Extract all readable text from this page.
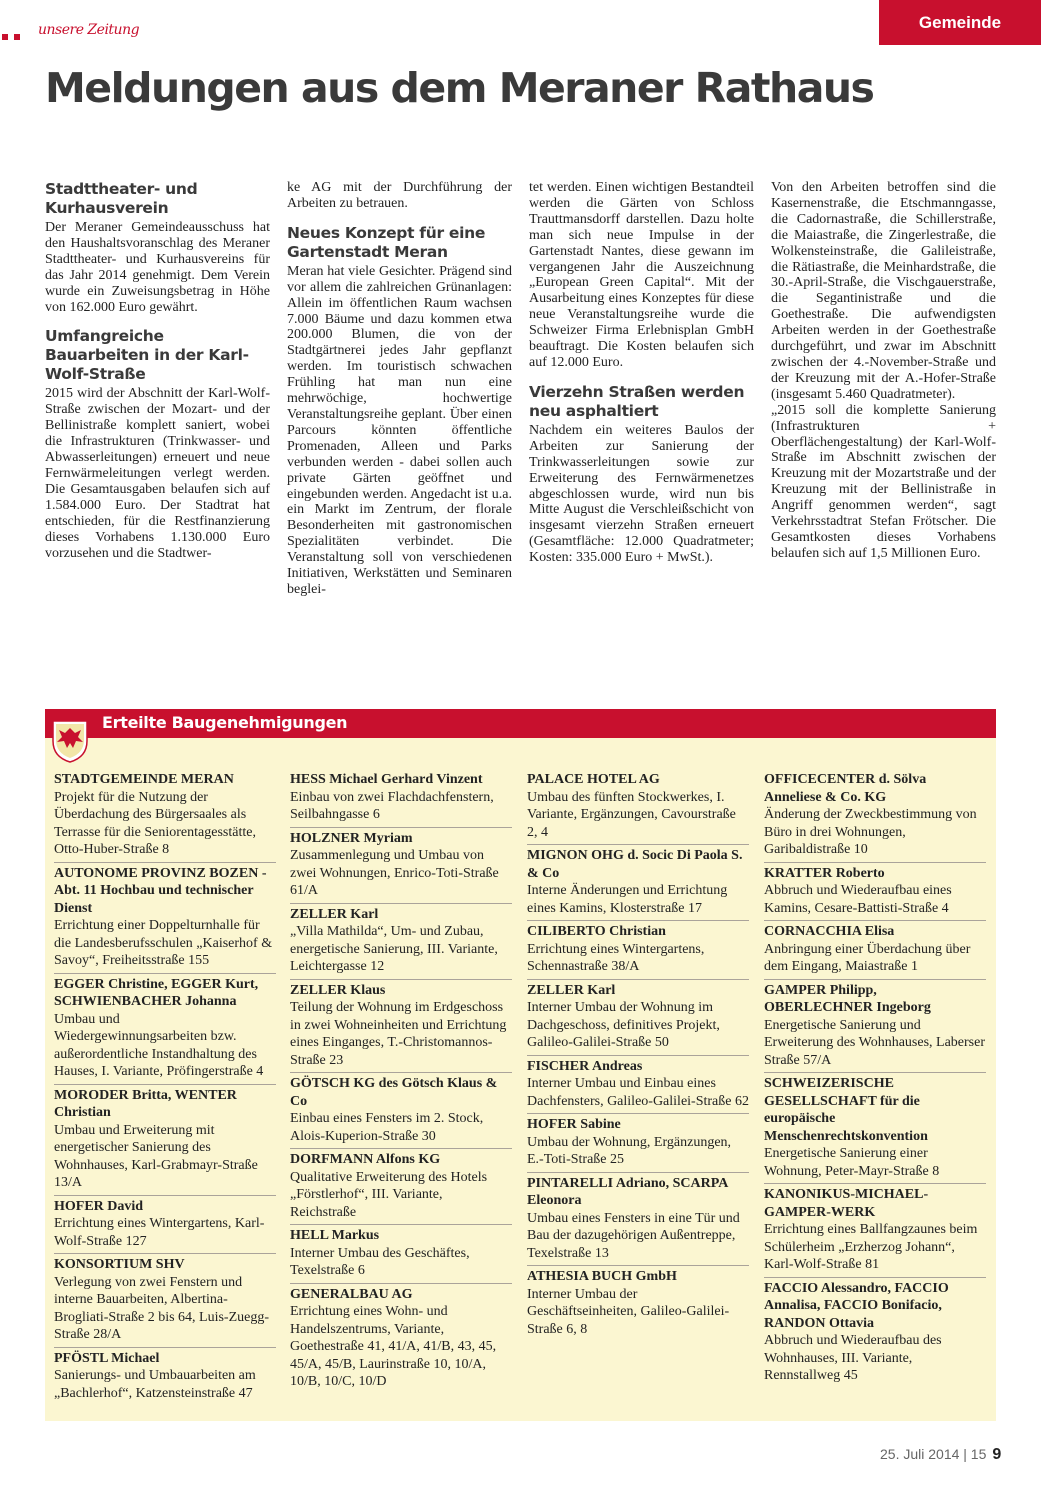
unsere Zeitung	Gemeinde
Meldungen aus dem Meraner Rathaus
Stadttheater- und Kurhausverein

Der Meraner Gemeindeausschuss hat den Haushaltsvoranschlag des Meraner Stadttheater- und Kurhausvereins für das Jahr 2014 genehmigt. Dem Verein wurde ein Zuweisungsbetrag in Höhe von 162.000 Euro gewährt.

Umfangreiche Bauarbeiten in der Karl-Wolf-Straße

2015 wird der Abschnitt der Karl-Wolf-Straße zwischen der Mozart- und der Bellinistraße komplett saniert, wobei die Infrastrukturen (Trinkwasser- und Abwasserleitungen) erneuert und neue Fernwärmeleitungen verlegt werden. Die Gesamtausgaben belaufen sich auf 1.584.000 Euro. Der Stadtrat hat entschieden, für die Restfinanzierung dieses Vorhabens 1.130.000 Euro vorzusehen und die Stadtwer-

ke AG mit der Durchführung der Arbeiten zu betrauen.

Neues Konzept für eine Gartenstadt Meran

Meran hat viele Gesichter. Prägend sind vor allem die zahlreichen Grünanlagen: Allein im öffentlichen Raum wachsen 7.000 Bäume und dazu kommen etwa 200.000 Blumen, die von der Stadtgärtnerei jedes Jahr gepflanzt werden. Im touristisch schwachen Frühling hat man nun eine mehrwöchige, hochwertige Veranstaltungsreihe geplant. Über einen Parcours könnten öffentliche Promenaden, Alleen und Parks verbunden werden - dabei sollen auch private Gärten geöffnet und eingebunden werden. Angedacht ist u.a. ein Markt im Zentrum, der florale Besonderheiten mit gastronomischen Spezialitäten verbindet. Die Veranstaltung soll von verschiedenen Initiativen, Werkstätten und Seminaren beglei-

tet werden. Einen wichtigen Bestandteil werden die Gärten von Schloss Trauttmansdorff darstellen. Dazu holte man sich neue Impulse in der Gartenstadt Nantes, diese gewann im vergangenen Jahr die Auszeichnung „European Green Capital“. Mit der Ausarbeitung eines Konzeptes für diese neue Veranstaltungsreihe wurde die Schweizer Firma Erlebnisplan GmbH beauftragt. Die Kosten belaufen sich auf 12.000 Euro.

Vierzehn Straßen werden neu asphaltiert

Nachdem ein weiteres Baulos der Arbeiten zur Sanierung der Trinkwasserleitungen sowie zur Erweiterung des Fernwärmenetzes abgeschlossen wurde, wird nun bis Mitte August die Verschleißschicht von insgesamt vierzehn Straßen erneuert (Gesamtfläche: 12.000 Quadratmeter; Kosten: 335.000 Euro + MwSt.).

Von den Arbeiten betroffen sind die Kasernenstraße, die Etschmanngasse, die Cadornastraße, die Schillerstraße, die Maiastraße, die Zingerlestraße, die Wolkensteinstraße, die Galileistraße, die Rätiastraße, die Meinhardstraße, die 30.-April-Straße, die Vischgauerstraße, die Segantinistraße und die Goethestraße. Die aufwendigsten Arbeiten werden in der Goethestraße durchgeführt, und zwar im Abschnitt zwischen der 4.-November-Straße und der Kreuzung mit der A.-Hofer-Straße (insgesamt 5.460 Quadratmeter).

„2015 soll die komplette Sanierung (Infrastrukturen + Oberflächengestaltung) der Karl-Wolf-Straße im Abschnitt zwischen der Kreuzung mit der Mozartstraße und der Kreuzung mit der Bellinistraße in Angriff genommen werden“, sagt Verkehrsstadtrat Stefan Frötscher. Die Gesamtkosten dieses Vorhabens belaufen sich auf 1,5 Millionen Euro.

Erteilte Baugenehmigungen
STADTGEMEINDE MERAN
Projekt für die Nutzung der Überdachung des Bürgersaales als Terrasse für die Seniorentagesstätte, Otto-Huber-Straße 8
AUTONOME PROVINZ BOZEN - Abt. 11 Hochbau und technischer Dienst
Errichtung einer Doppelturnhalle für die Landesberufsschulen „Kaiserhof & Savoy“, Freiheitsstraße 155
EGGER Christine, EGGER Kurt, SCHWIENBACHER Johanna
Umbau und Wiedergewinnungsarbeiten bzw. außerordentliche Instandhaltung des Hauses, I. Variante, Pröfingerstraße 4
MORODER Britta, WENTER Christian
Umbau und Erweiterung mit energetischer Sanierung des Wohnhauses, Karl-Grabmayr-Straße 13/A
HOFER David
Errichtung eines Wintergartens, Karl-Wolf-Straße 127
KONSORTIUM SHV
Verlegung von zwei Fenstern und interne Bauarbeiten, Albertina-Brogliati-Straße 2 bis 64, Luis-Zuegg-Straße 28/A
PFÖSTL Michael
Sanierungs- und Umbauarbeiten am „Bachlerhof“, Katzensteinstraße 47
HESS Michael Gerhard Vinzent
Einbau von zwei Flachdachfenstern, Seilbahngasse 6
HOLZNER Myriam
Zusammenlegung und Umbau von zwei Wohnungen, Enrico-Toti-Straße 61/A
ZELLER Karl
„Villa Mathilda“, Um- und Zubau, energetische Sanierung, III. Variante, Leichtergasse 12
ZELLER Klaus
Teilung der Wohnung im Erdgeschoss in zwei Wohneinheiten und Errichtung eines Einganges, T.-Christomannos-Straße 23
GÖTSCH KG des Götsch Klaus & Co
Einbau eines Fensters im 2. Stock, Alois-Kuperion-Straße 30
DORFMANN Alfons KG
Qualitative Erweiterung des Hotels „Förstlerhof“, III. Variante, Reichstraße
HELL Markus
Interner Umbau des Geschäftes, Texelstraße 6
GENERALBAU AG
Errichtung eines Wohn- und Handelszentrums, Variante, Goethestraße 41, 41/A, 41/B, 43, 45, 45/A, 45/B, Laurinstraße 10, 10/A, 10/B, 10/C, 10/D
PALACE HOTEL AG
Umbau des fünften Stockwerkes, I. Variante, Ergänzungen, Cavourstraße 2, 4
MIGNON OHG d. Socic Di Paola S. & Co
Interne Änderungen und Errichtung eines Kamins, Klosterstraße 17
CILIBERTO Christian
Errichtung eines Wintergartens, Schennastraße 38/A
ZELLER Karl
Interner Umbau der Wohnung im Dachgeschoss, definitives Projekt, Galileo-Galilei-Straße 50
FISCHER Andreas
Interner Umbau und Einbau eines Dachfensters, Galileo-Galilei-Straße 62
HOFER Sabine
Umbau der Wohnung, Ergänzungen, E.-Toti-Straße 25
PINTARELLI Adriano, SCARPA Eleonora
Umbau eines Fensters in eine Tür und Bau der dazugehörigen Außentreppe, Texelstraße 13
ATHESIA BUCH GmbH
Interner Umbau der Geschäftseinheiten, Galileo-Galilei-Straße 6, 8
OFFICECENTER d. Sölva Anneliese & Co. KG
Änderung der Zweckbestimmung von Büro in drei Wohnungen, Garibaldistraße 10
KRATTER Roberto
Abbruch und Wiederaufbau eines Kamins, Cesare-Battisti-Straße 4
CORNACCHIA Elisa
Anbringung einer Überdachung über dem Eingang, Maiastraße 1
GAMPER Philipp, OBERLECHNER Ingeborg
Energetische Sanierung und Erweiterung des Wohnhauses, Laberser Straße 57/A
SCHWEIZERISCHE GESELLSCHAFT für die europäische Menschenrechtskonvention
Energetische Sanierung einer Wohnung, Peter-Mayr-Straße 8
KANONIKUS-MICHAEL-GAMPER-WERK
Errichtung eines Ballfangzaunes beim Schülerheim „Erzherzog Johann“, Karl-Wolf-Straße 81
FACCIO Alessandro, FACCIO Annalisa, FACCIO Bonifacio, RANDON Ottavia
Abbruch und Wiederaufbau des Wohnhauses, III. Variante, Rennstallweg 45
25. Juli 2014 | 15 9
